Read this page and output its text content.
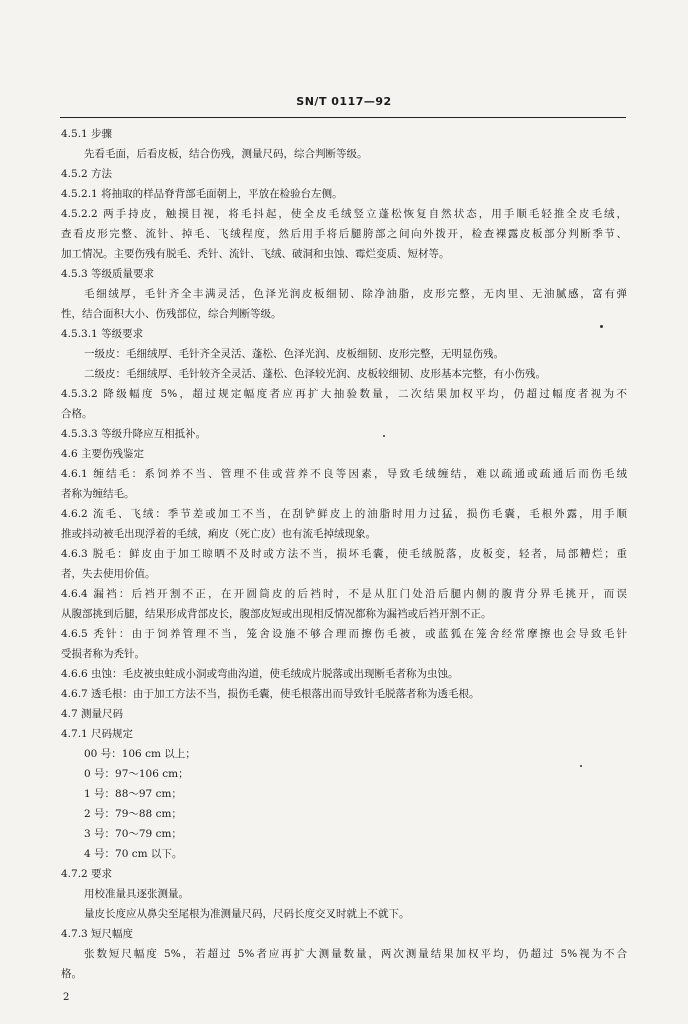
SN/T 0117—92
4.5.1 步骤
先看毛面，后看皮板，结合伤残，测量尺码，综合判断等级。
4.5.2 方法
4.5.2.1 将抽取的样品脊背部毛面朝上，平放在检验台左侧。
4.5.2.2 两手持皮，触摸目视，将毛抖起，使全皮毛绒竖立蓬松恢复自然状态，用手顺毛轻推全皮毛绒，
查看皮形完整、流针、掉毛、飞绒程度，然后用手将后腿胯部之间向外拨开，检查裸露皮板部分判断季节、
加工情况。主要伤残有脱毛、秃针、流针、飞绒、破洞和虫蚀、霉烂变质、短材等。
4.5.3 等级质量要求
毛细绒厚，毛针齐全丰满灵活，色泽光润皮板细韧、除净油脂，皮形完整，无肉里、无油腻感，富有弹
性，结合面积大小、伤残部位，综合判断等级。
4.5.3.1 等级要求
一级皮：毛细绒厚、毛针齐全灵活、蓬松、色泽光润、皮板细韧、皮形完整，无明显伤残。
二级皮：毛细绒厚、毛针较齐全灵活、蓬松、色泽较光润、皮板较细韧、皮形基本完整，有小伤残。
4.5.3.2 降级幅度 5%，超过规定幅度者应再扩大抽验数量，二次结果加权平均，仍超过幅度者视为不
合格。
4.5.3.3 等级升降应互相抵补。
4.6 主要伤残鉴定
4.6.1 缠结毛：系饲养不当、管理不佳或营养不良等因素，导致毛绒缠结，难以疏通或疏通后而伤毛绒
者称为缠结毛。
4.6.2 流毛、飞绒：季节差或加工不当，在刮铲鲜皮上的油脂时用力过猛，损伤毛囊，毛根外露，用手顺
推或抖动被毛出现浮着的毛绒，痢皮（死亡皮）也有流毛掉绒现象。
4.6.3 脱毛：鲜皮由于加工晾晒不及时或方法不当，损坏毛囊，使毛绒脱落，皮板变，轻者，局部糟烂；重
者，失去使用价值。
4.6.4 漏裆：后裆开割不正，在开圆筒皮的后裆时，不是从肛门处沿后腿内侧的腹背分界毛挑开，而误
从腹部挑到后腿，结果形成背部皮长，腹部皮短或出现相反情况都称为漏裆或后裆开割不正。
4.6.5 秃针：由于饲养管理不当，笼舍设施不够合理而擦伤毛被，或蓝狐在笼舍经常摩擦也会导致毛针
受损者称为秃针。
4.6.6 虫蚀：毛皮被虫蛀成小洞或弯曲沟道，使毛绒成片脱落或出现断毛者称为虫蚀。
4.6.7 透毛根：由于加工方法不当，损伤毛囊，使毛根落出而导致针毛脱落者称为透毛根。
4.7 测量尺码
4.7.1 尺码规定
00 号：106 cm 以上；
0 号：97～106 cm；
1 号：88～97 cm；
2 号：79～88 cm；
3 号：70～79 cm；
4 号：70 cm 以下。
4.7.2 要求
用校准量具逐张测量。
量皮长度应从鼻尖至尾根为准测量尺码，尺码长度交叉时就上不就下。
4.7.3 短尺幅度
张数短尺幅度 5%，若超过 5%者应再扩大测量数量，两次测量结果加权平均，仍超过 5%视为不合
格。
2
